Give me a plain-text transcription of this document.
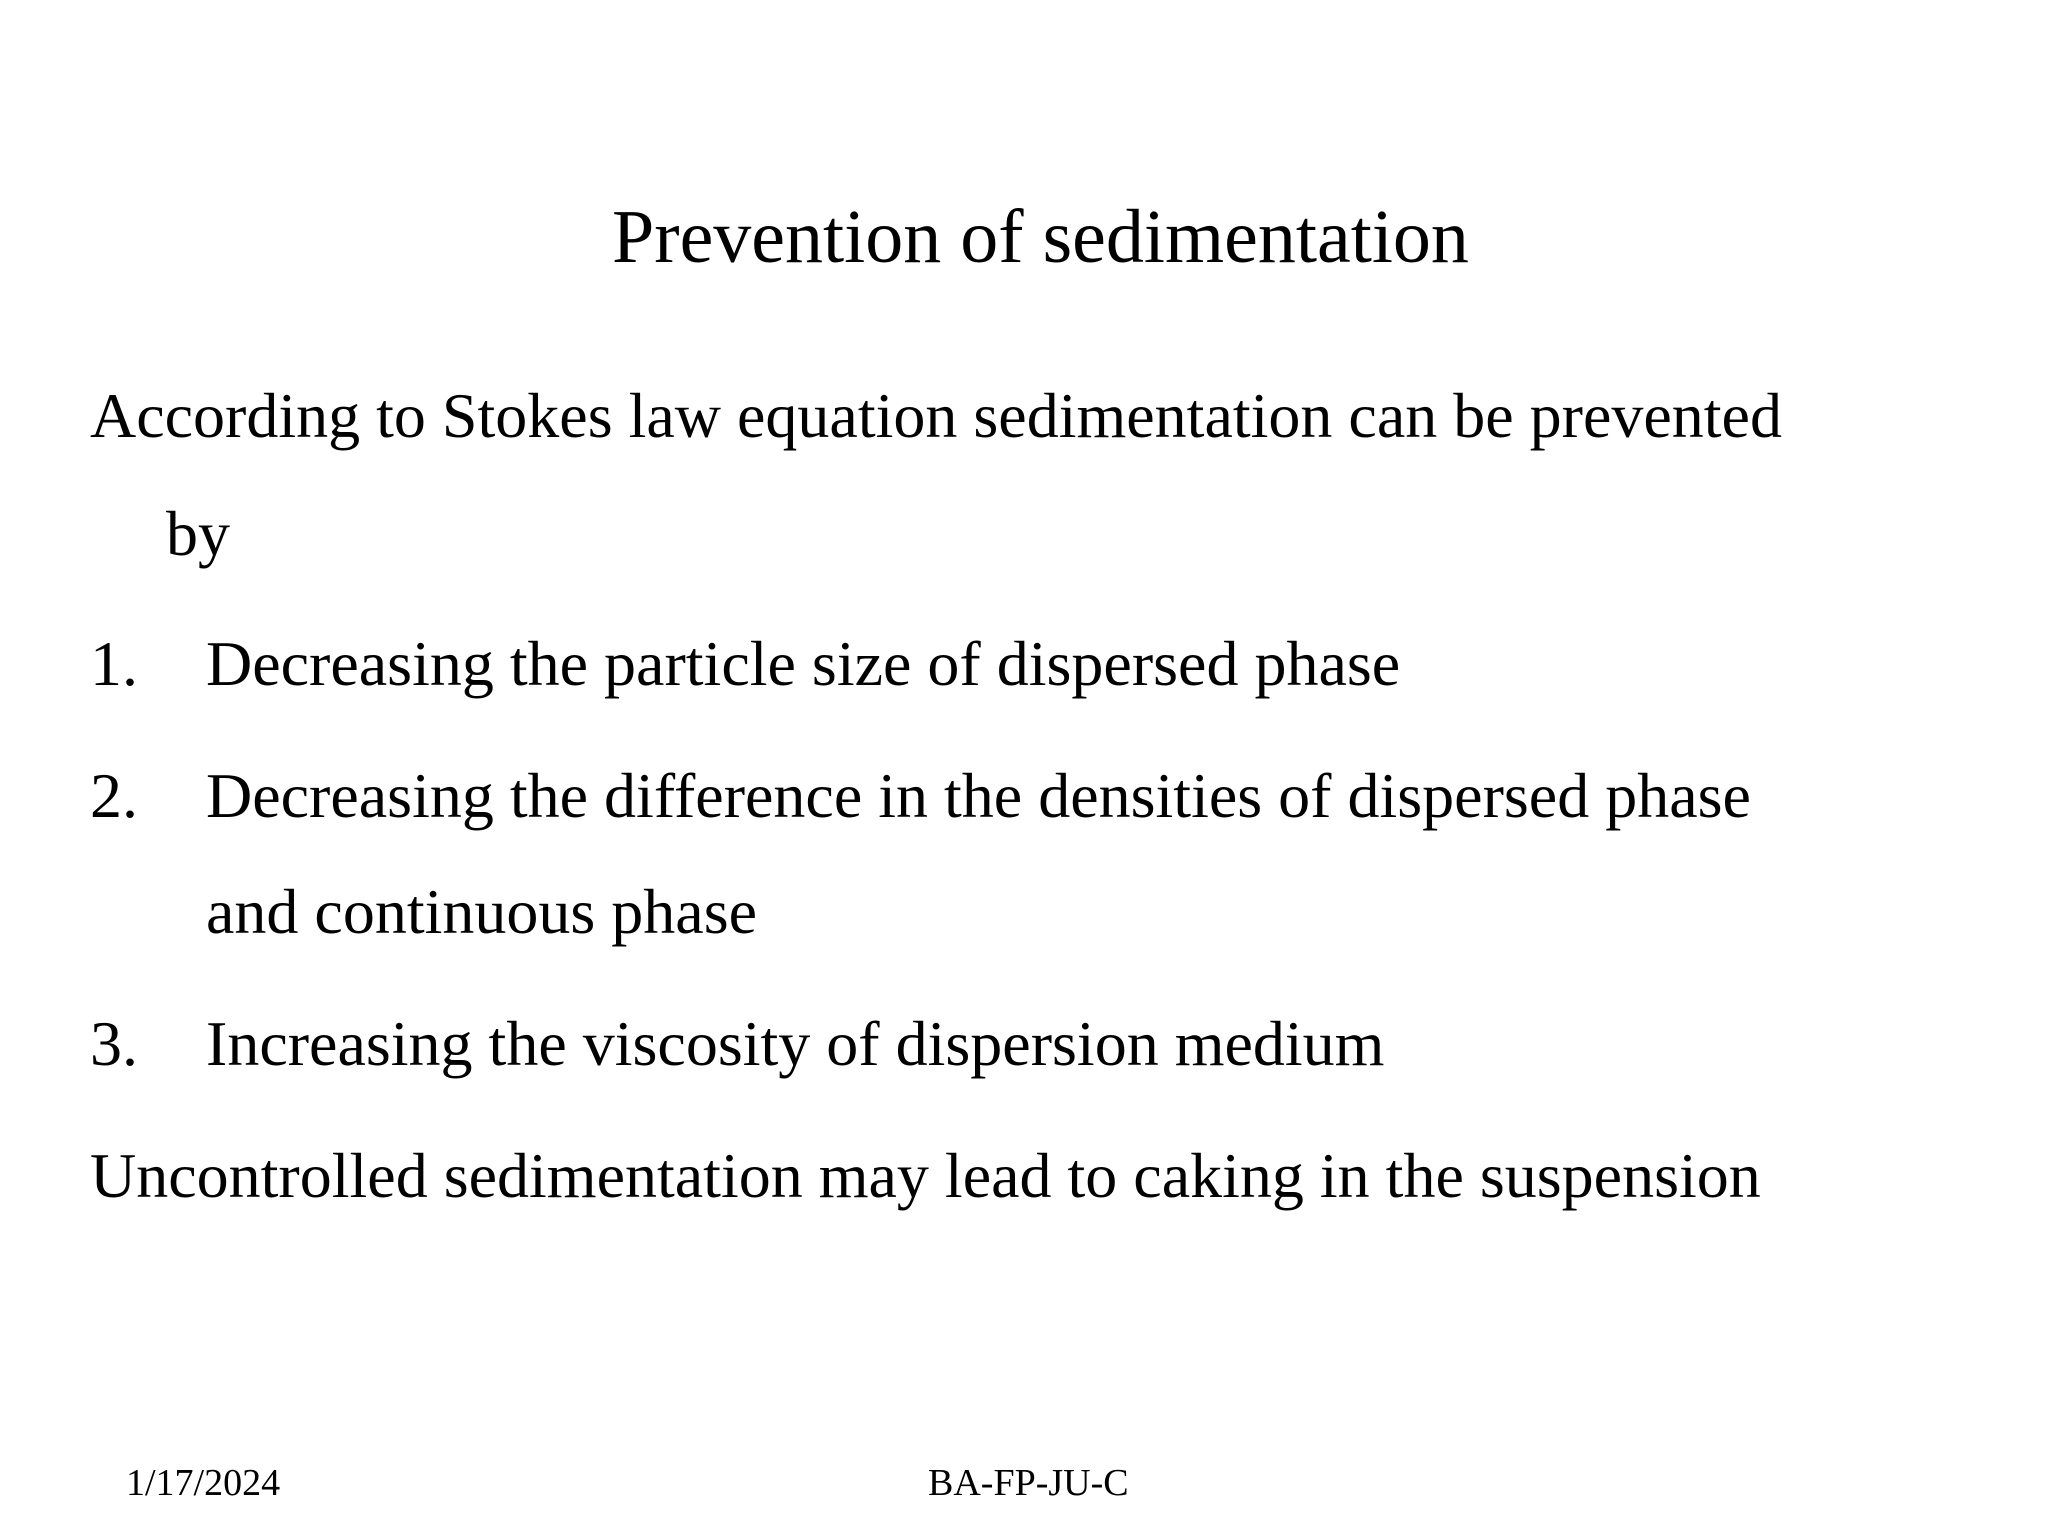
Prevention of sedimentation
According to Stokes law equation sedimentation can be prevented
by
1. Decreasing the particle size of dispersed phase
2. Decreasing the difference in the densities of dispersed phase
and continuous phase
3. Increasing the viscosity of dispersion medium
Uncontrolled sedimentation may lead to caking in the suspension
1/17/2024	BA-FP-JU-C
